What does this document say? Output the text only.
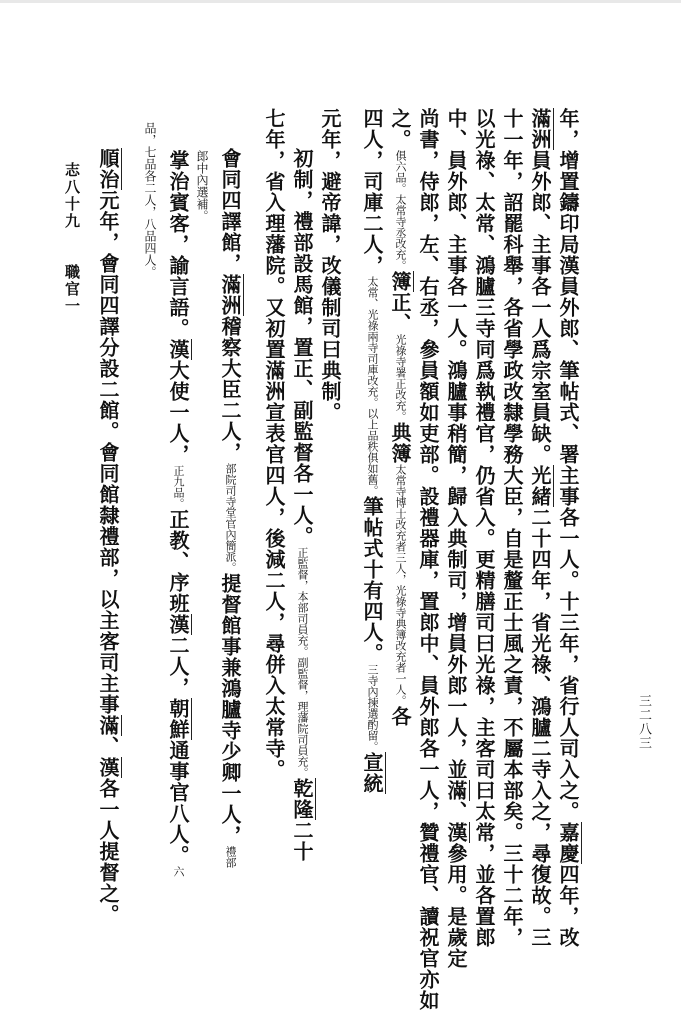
三二八三
年，增置鑄印局漢員外郎、筆帖式、署主事各一人。十三年，省行人司入之。嘉慶四年，改
滿洲員外郎、主事各一人爲宗室員缺。光緒二十四年，省光祿、鴻臚二寺入之，尋復故。三
十一年，詔罷科舉，各省學政改隸學務大臣，自是釐正士風之責，不屬本部矣。三十二年，
以光祿、太常、鴻臚三寺同爲執禮官，仍省入。更精膳司曰光祿，主客司曰太常，並各置郎
中、員外郎、主事各一人。鴻臚事稍簡，歸入典制司，增員外郎一人，並滿、漢參用。是歲定
尚書，侍郎，左、右丞，參員額如吏部。設禮器庫，置郎中、員外郎各一人，贊禮官、讀祝官亦如
之。俱六品。太常寺丞改充。簿正、光祿寺署正改充。典簿太常寺博士改充者三人，光祿寺典簿改充者一人。各
四人，司庫二人，太常、光祿兩寺司庫改充。以上品秩俱如舊。筆帖式十有四人。三寺內揀選酌留。宣統
元年，避帝諱，改儀制司曰典制。
初制，禮部設馬館，置正、副監督各一人。正監督，本部司員充。副監督，理藩院司員充。乾隆二十
七年，省入理藩院。又初置滿洲宣表官四人，後減二人，尋併入太常寺。
會同四譯館，滿洲稽察大臣二人，部院司寺堂官內簡派。提督館事兼鴻臚寺少卿一人，禮部
郎中內選補。
掌治賓客，諭言語。漢大使一人，正九品。正教、序班漢二人，朝鮮通事官八人。六
品，七品各二人，八品四人。
順治元年，會同四譯分設二館。會同館隸禮部，以主客司主事滿、漢各一人提督之。
志八十九　　職官一
